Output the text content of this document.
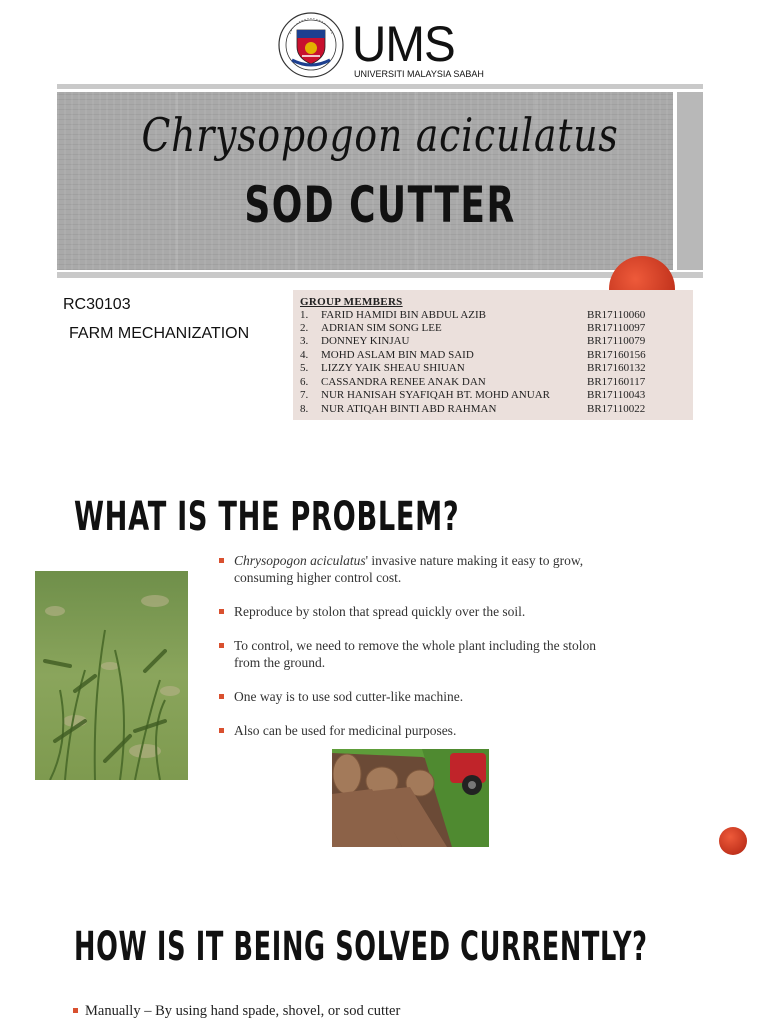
UMS
UNIVERSITI MALAYSIA SABAH
Chrysopogon aciculatus
SOD CUTTER
RC30103
FARM MECHANIZATION
GROUP MEMBERS
1. FARID HAMIDI BIN ABDUL AZIB	BR17110060
2. ADRIAN SIM SONG LEE	BR17110097
3. DONNEY KINJAU	BR17110079
4. MOHD ASLAM BIN MAD SAID	BR17160156
5. LIZZY YAIK SHEAU SHIUAN	BR17160132
6. CASSANDRA RENEE ANAK DAN	BR17160117
7. NUR HANISAH SYAFIQAH BT. MOHD ANUAR	BR17110043
8. NUR ATIQAH BINTI ABD RAHMAN	BR17110022
WHAT IS THE PROBLEM?
Chrysopogon aciculatus' invasive nature making it easy to grow, consuming higher control cost.
Reproduce by stolon that spread quickly over the soil.
To control, we need to remove the whole plant including the stolon from the ground.
One way is to use sod cutter-like machine.
Also can be used for medicinal purposes.
HOW IS IT BEING SOLVED CURRENTLY?
Manually – By using hand spade, shovel, or sod cutter
